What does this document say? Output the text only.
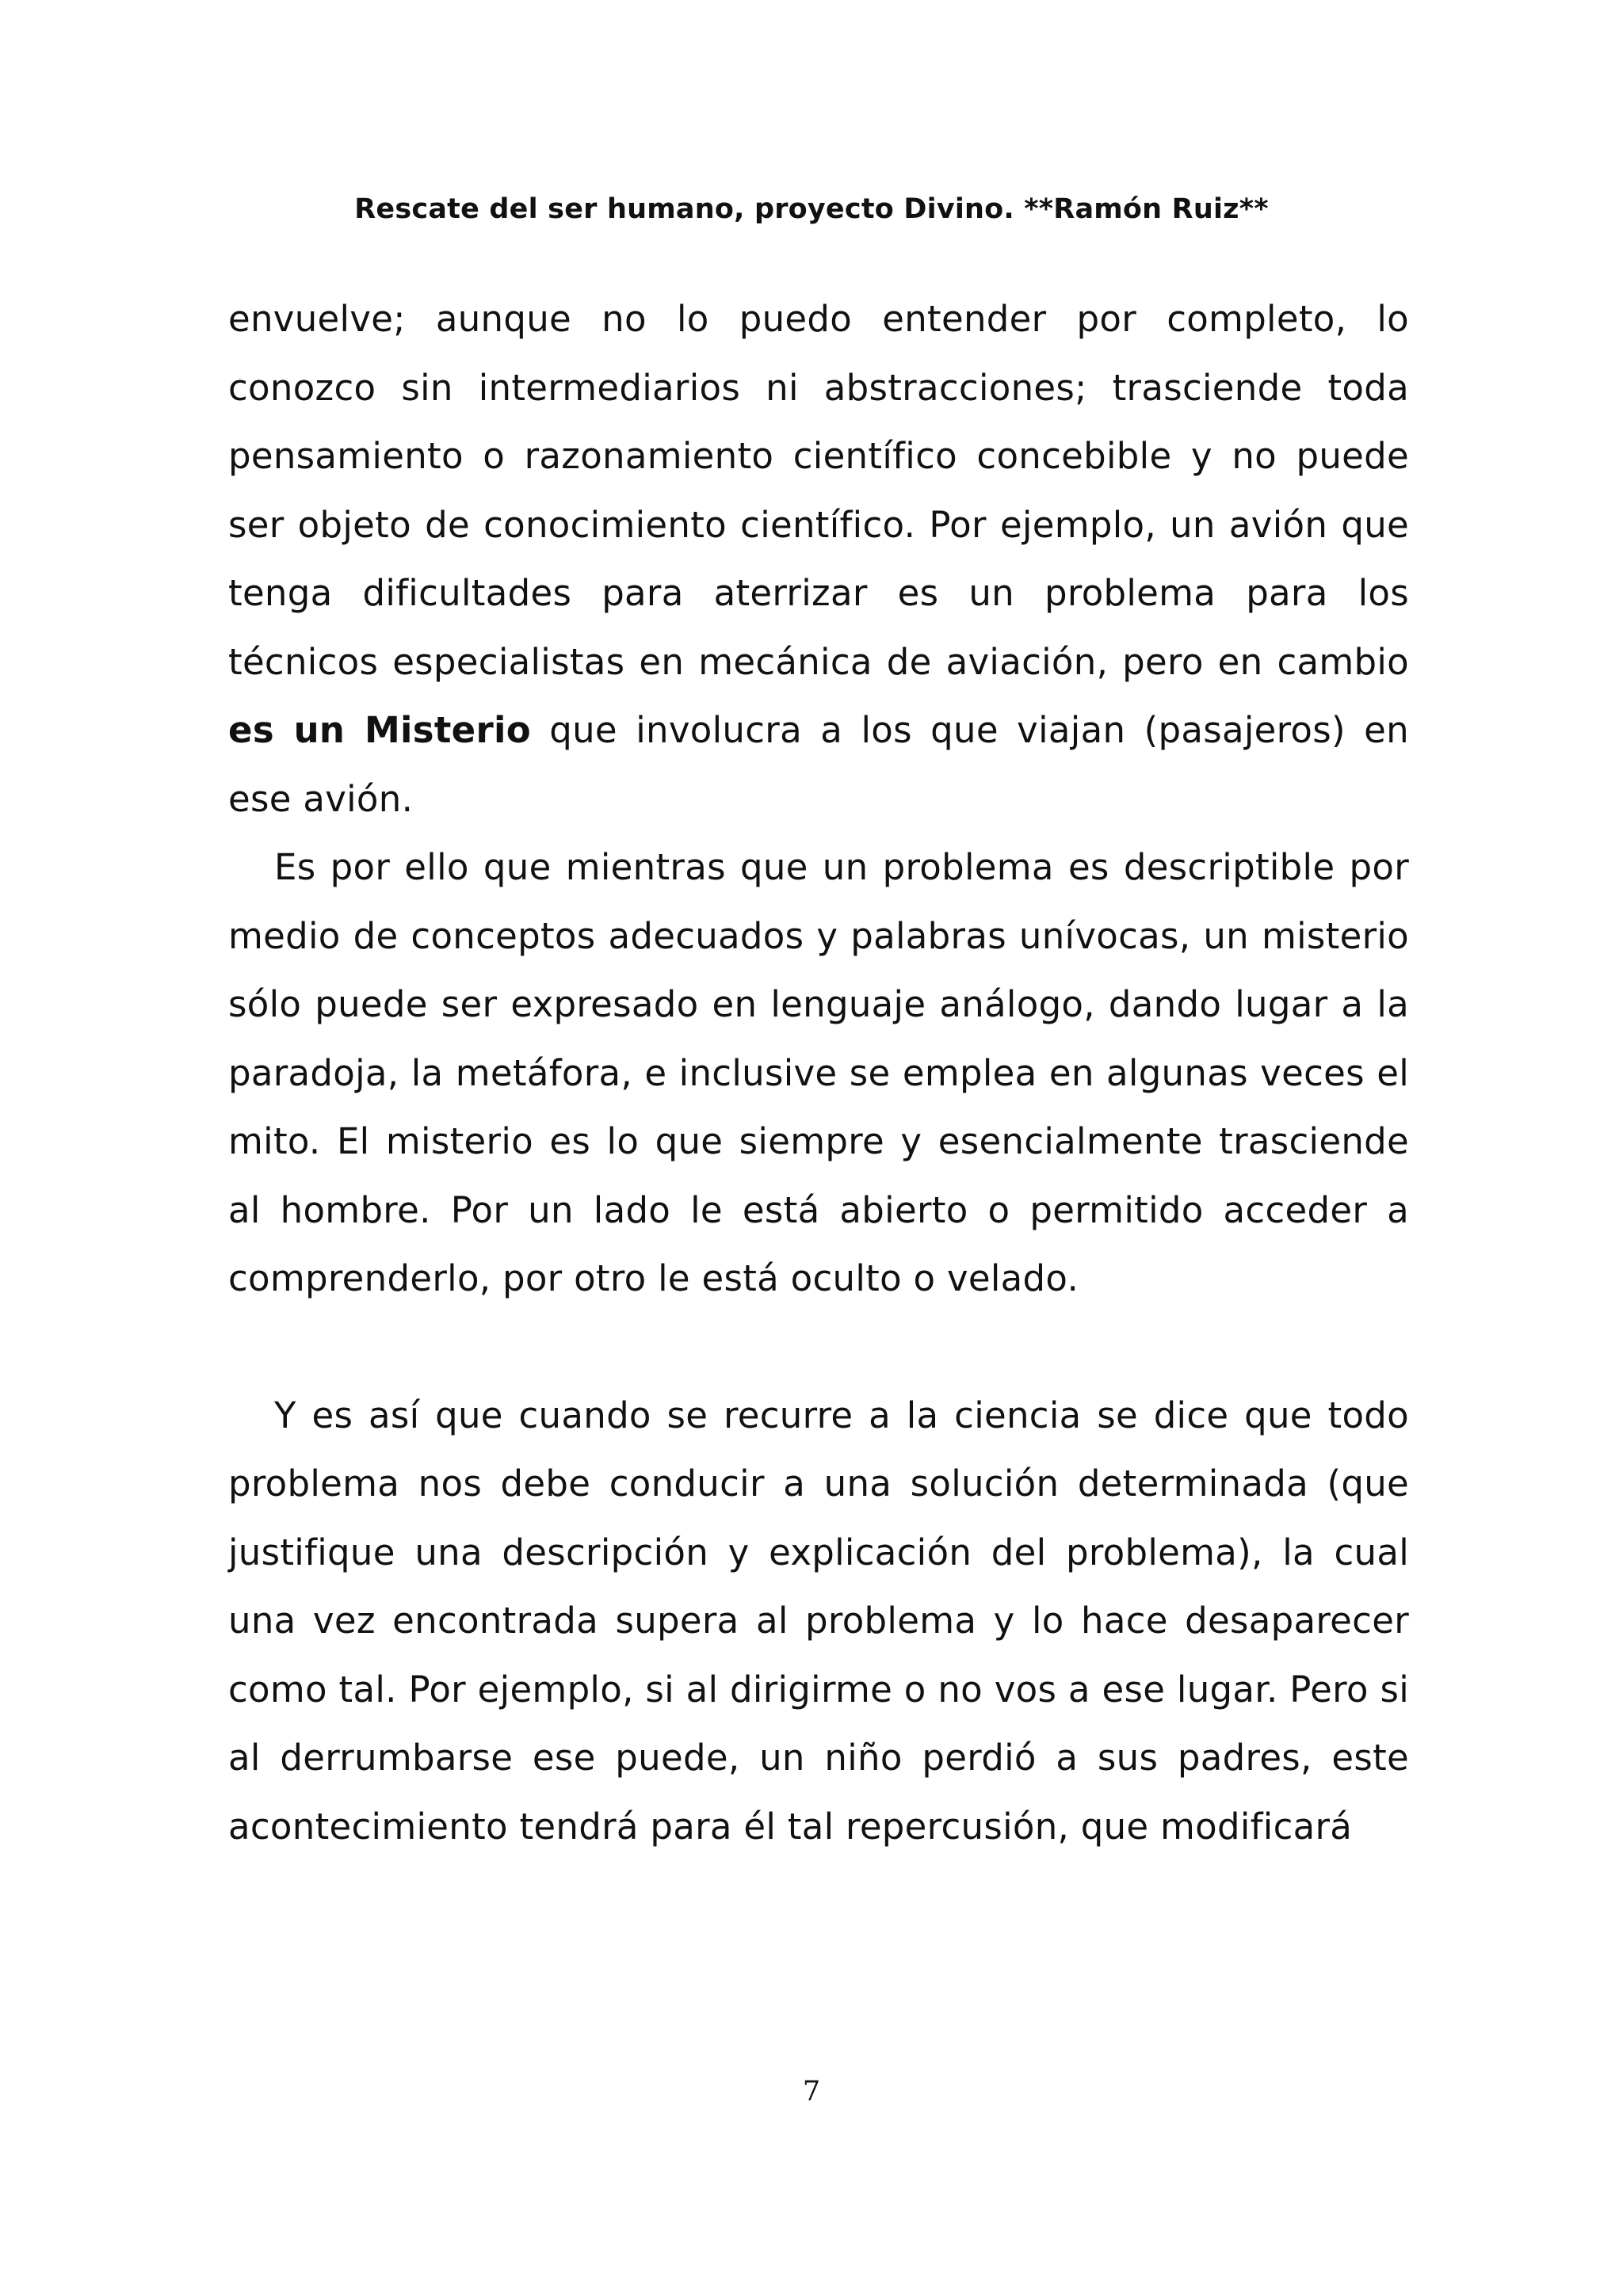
Rescate del ser humano, proyecto Divino. **Ramón Ruiz**

envuelve; aunque no lo puedo entender por completo, lo conozco sin intermediarios ni abstracciones; trasciende toda pensamiento o razonamiento científico concebible y no puede ser objeto de conocimiento científico. Por ejemplo, un avión que tenga dificultades para aterrizar es un problema para los técnicos especialistas en mecánica de aviación, pero en cambio es un Misterio que involucra a los que viajan (pasajeros) en ese avión.

Es por ello que mientras que un problema es descriptible por medio de conceptos adecuados y palabras unívocas, un misterio sólo puede ser expresado en lenguaje análogo, dando lugar a la paradoja, la metáfora, e inclusive se emplea en algunas veces el mito. El misterio es lo que siempre y esencialmente trasciende al hombre. Por un lado le está abierto o permitido acceder a comprenderlo, por otro le está oculto o velado.

Y es así que cuando se recurre a la ciencia se dice que todo problema nos debe conducir a una solución determinada (que justifique una descripción y explicación del problema), la cual una vez encontrada supera al problema y lo hace desaparecer como tal. Por ejemplo, si al dirigirme o no vos a ese lugar. Pero si al derrumbarse ese puede, un niño perdió a sus padres, este acontecimiento tendrá para él tal repercusión, que modificará

7
